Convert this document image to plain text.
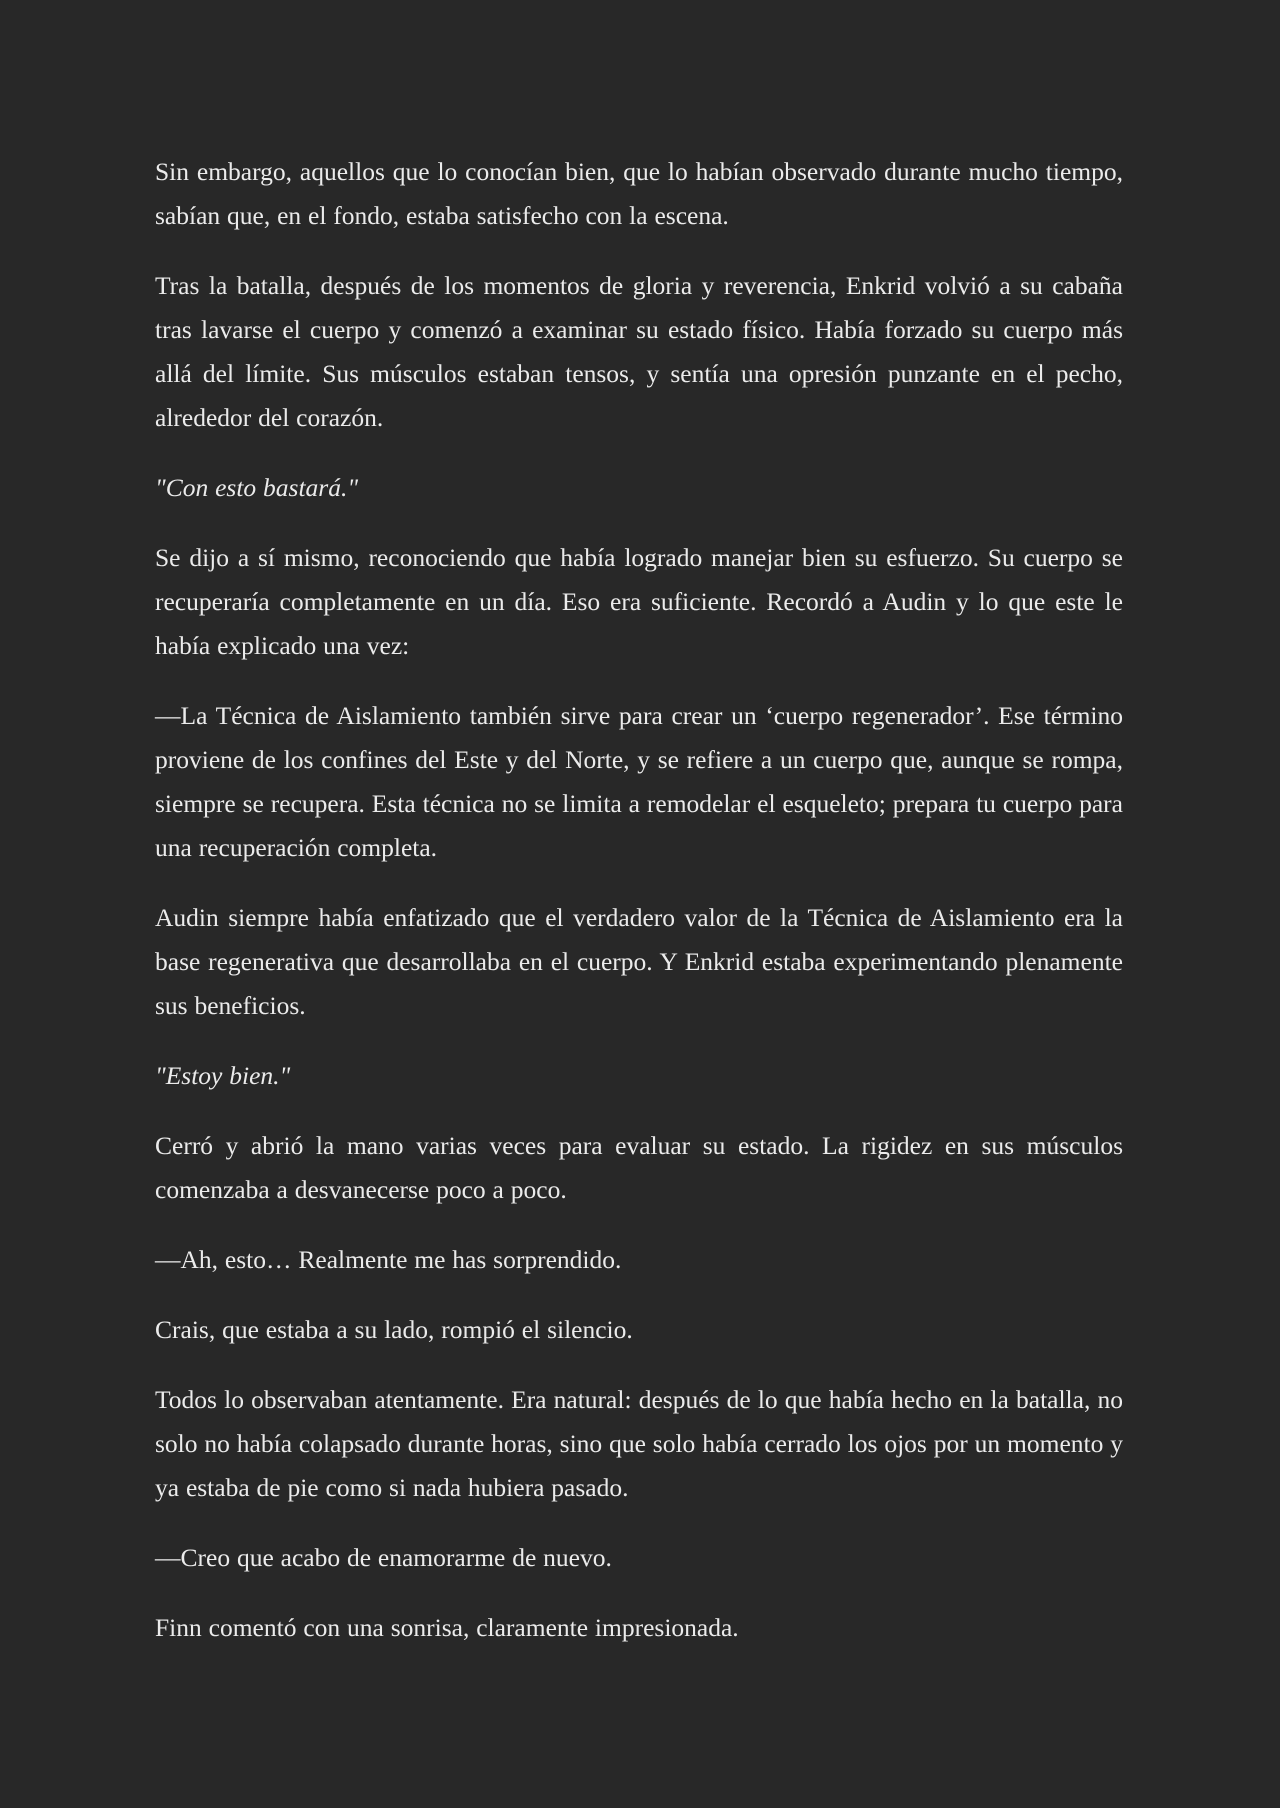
Sin embargo, aquellos que lo conocían bien, que lo habían observado durante mucho tiempo, sabían que, en el fondo, estaba satisfecho con la escena.

Tras la batalla, después de los momentos de gloria y reverencia, Enkrid volvió a su cabaña tras lavarse el cuerpo y comenzó a examinar su estado físico. Había forzado su cuerpo más allá del límite. Sus músculos estaban tensos, y sentía una opresión punzante en el pecho, alrededor del corazón.

"Con esto bastará."

Se dijo a sí mismo, reconociendo que había logrado manejar bien su esfuerzo. Su cuerpo se recuperaría completamente en un día. Eso era suficiente. Recordó a Audin y lo que este le había explicado una vez:

—La Técnica de Aislamiento también sirve para crear un ‘cuerpo regenerador’. Ese término proviene de los confines del Este y del Norte, y se refiere a un cuerpo que, aunque se rompa, siempre se recupera. Esta técnica no se limita a remodelar el esqueleto; prepara tu cuerpo para una recuperación completa.

Audin siempre había enfatizado que el verdadero valor de la Técnica de Aislamiento era la base regenerativa que desarrollaba en el cuerpo. Y Enkrid estaba experimentando plenamente sus beneficios.

"Estoy bien."

Cerró y abrió la mano varias veces para evaluar su estado. La rigidez en sus músculos comenzaba a desvanecerse poco a poco.

—Ah, esto… Realmente me has sorprendido.

Crais, que estaba a su lado, rompió el silencio.

Todos lo observaban atentamente. Era natural: después de lo que había hecho en la batalla, no solo no había colapsado durante horas, sino que solo había cerrado los ojos por un momento y ya estaba de pie como si nada hubiera pasado.

—Creo que acabo de enamorarme de nuevo.

Finn comentó con una sonrisa, claramente impresionada.
